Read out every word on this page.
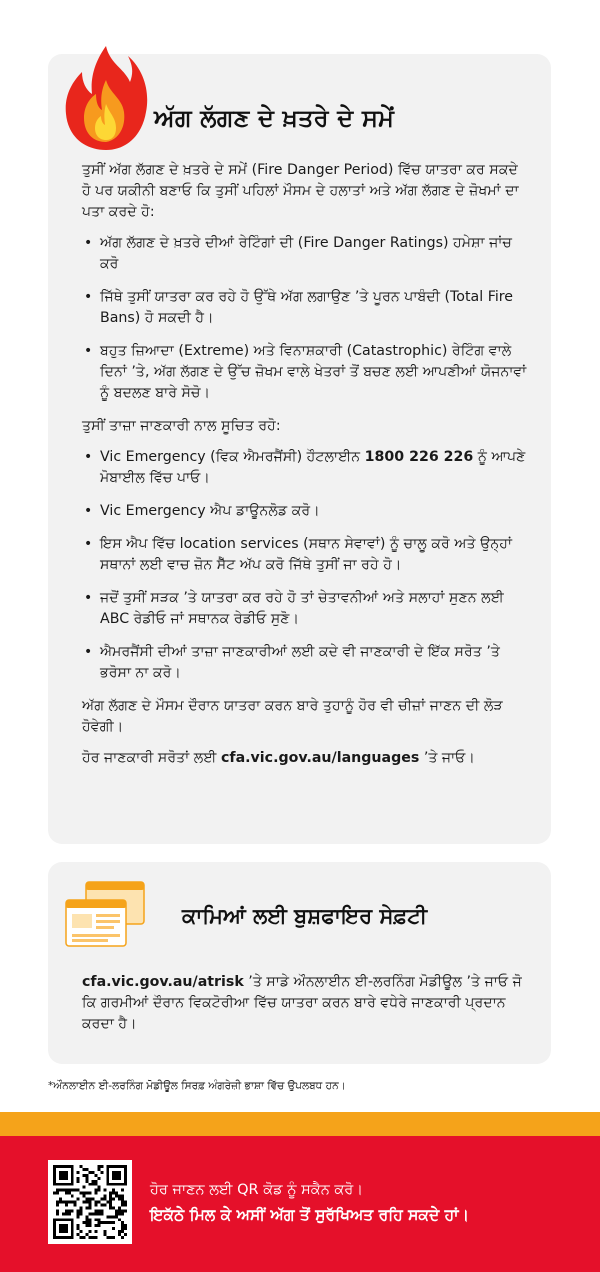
ਅੱਗ ਲੱਗਣ ਦੇ ਖ਼ਤਰੇ ਦੇ ਸਮੇਂ

ਤੁਸੀਂ ਅੱਗ ਲੱਗਣ ਦੇ ਖ਼ਤਰੇ ਦੇ ਸਮੇਂ (Fire Danger Period) ਵਿੱਚ ਯਾਤਰਾ ਕਰ ਸਕਦੇ ਹੋ ਪਰ ਯਕੀਨੀ ਬਣਾਓ ਕਿ ਤੁਸੀਂ ਪਹਿਲਾਂ ਮੌਸਮ ਦੇ ਹਲਾਤਾਂ ਅਤੇ ਅੱਗ ਲੱਗਣ ਦੇ ਜ਼ੋਖਮਾਂ ਦਾ ਪਤਾ ਕਰਦੇ ਹੋ:

• ਅੱਗ ਲੱਗਣ ਦੇ ਖ਼ਤਰੇ ਦੀਆਂ ਰੇਟਿੰਗਾਂ ਦੀ (Fire Danger Ratings) ਹਮੇਸ਼ਾ ਜਾਂਚ ਕਰੋ
• ਜਿੱਥੇ ਤੁਸੀਂ ਯਾਤਰਾ ਕਰ ਰਹੇ ਹੋ ਉੱਥੇ ਅੱਗ ਲਗਾਉਣ ’ਤੇ ਪੂਰਨ ਪਾਬੰਦੀ (Total Fire Bans) ਹੋ ਸਕਦੀ ਹੈ।
• ਬਹੁਤ ਜ਼ਿਆਦਾ (Extreme) ਅਤੇ ਵਿਨਾਸ਼ਕਾਰੀ (Catastrophic) ਰੇਟਿੰਗ ਵਾਲੇ ਦਿਨਾਂ ’ਤੇ, ਅੱਗ ਲੱਗਣ ਦੇ ਉੱਚ ਜ਼ੋਖਮ ਵਾਲੇ ਖੇਤਰਾਂ ਤੋਂ ਬਚਣ ਲਈ ਆਪਣੀਆਂ ਯੋਜਨਾਵਾਂ ਨੂੰ ਬਦਲਣ ਬਾਰੇ ਸੋਚੋ।

ਤੁਸੀਂ ਤਾਜ਼ਾ ਜਾਣਕਾਰੀ ਨਾਲ ਸੂਚਿਤ ਰਹੋ:

• Vic Emergency (ਵਿਕ ਐਮਰਜੈਂਸੀ) ਹੌਟਲਾਈਨ 1800 226 226 ਨੂੰ ਆਪਣੇ ਮੋਬਾਈਲ ਵਿੱਚ ਪਾਓ।
• Vic Emergency ਐਪ ਡਾਊਨਲੋਡ ਕਰੋ।
• ਇਸ ਐਪ ਵਿੱਚ location services (ਸਥਾਨ ਸੇਵਾਵਾਂ) ਨੂੰ ਚਾਲੂ ਕਰੋ ਅਤੇ ਉਨ੍ਹਾਂ ਸਥਾਨਾਂ ਲਈ ਵਾਚ ਜ਼ੋਨ ਸੈੱਟ ਅੱਪ ਕਰੋ ਜਿੱਥੇ ਤੁਸੀਂ ਜਾ ਰਹੇ ਹੋ।
• ਜਦੋਂ ਤੁਸੀਂ ਸੜਕ ’ਤੇ ਯਾਤਰਾ ਕਰ ਰਹੇ ਹੋ ਤਾਂ ਚੇਤਾਵਨੀਆਂ ਅਤੇ ਸਲਾਹਾਂ ਸੁਣਨ ਲਈ ABC ਰੇਡੀਓ ਜਾਂ ਸਥਾਨਕ ਰੇਡੀਓ ਸੁਣੋ।
• ਐਮਰਜੈਂਸੀ ਦੀਆਂ ਤਾਜ਼ਾ ਜਾਣਕਾਰੀਆਂ ਲਈ ਕਦੇ ਵੀ ਜਾਣਕਾਰੀ ਦੇ ਇੱਕ ਸਰੋਤ ’ਤੇ ਭਰੋਸਾ ਨਾ ਕਰੋ।

ਅੱਗ ਲੱਗਣ ਦੇ ਮੌਸਮ ਦੌਰਾਨ ਯਾਤਰਾ ਕਰਨ ਬਾਰੇ ਤੁਹਾਨੂੰ ਹੋਰ ਵੀ ਚੀਜ਼ਾਂ ਜਾਣਨ ਦੀ ਲੋੜ ਹੋਵੇਗੀ।

ਹੋਰ ਜਾਣਕਾਰੀ ਸਰੋਤਾਂ ਲਈ cfa.vic.gov.au/languages ’ਤੇ ਜਾਓ।

ਕਾਮਿਆਂ ਲਈ ਬੁਸ਼ਫਾਇਰ ਸੇਫ਼ਟੀ

cfa.vic.gov.au/atrisk ’ਤੇ ਸਾਡੇ ਔਨਲਾਈਨ ਈ-ਲਰਨਿੰਗ ਮੋਡੀਊਲ ’ਤੇ ਜਾਓ ਜੋ ਕਿ ਗਰਮੀਆਂ ਦੌਰਾਨ ਵਿਕਟੋਰੀਆ ਵਿੱਚ ਯਾਤਰਾ ਕਰਨ ਬਾਰੇ ਵਧੇਰੇ ਜਾਣਕਾਰੀ ਪ੍ਰਦਾਨ ਕਰਦਾ ਹੈ।

*ਔਨਲਾਈਨ ਈ-ਲਰਨਿੰਗ ਮੋਡੀਊਲ ਸਿਰਫ਼ ਅੰਗਰੇਜ਼ੀ ਭਾਸ਼ਾ ਵਿੱਚ ਉਪਲਬਧ ਹਨ।
ਹੋਰ ਜਾਣਨ ਲਈ QR ਕੋਡ ਨੂੰ ਸਕੈਨ ਕਰੋ।
ਇਕੱਠੇ ਮਿਲ ਕੇ ਅਸੀਂ ਅੱਗ ਤੋਂ ਸੁਰੱਖਿਅਤ ਰਹਿ ਸਕਦੇ ਹਾਂ।
